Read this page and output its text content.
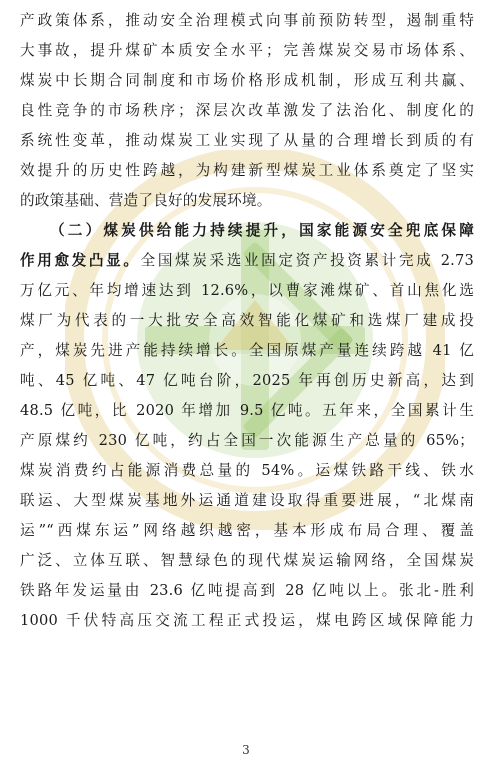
产政策体系，推动安全治理模式向事前预防转型，遏制重特
大事故，提升煤矿本质安全水平；完善煤炭交易市场体系、
煤炭中长期合同制度和市场价格形成机制，形成互利共赢、
良性竞争的市场秩序；深层次改革激发了法治化、制度化的
系统性变革，推动煤炭工业实现了从量的合理增长到质的有
效提升的历史性跨越，为构建新型煤炭工业体系奠定了坚实
的政策基础、营造了良好的发展环境。
（二）煤炭供给能力持续提升，国家能源安全兜底保障
作用愈发凸显。全国煤炭采选业固定资产投资累计完成 2.73
万亿元、年均增速达到 12.6%，以曹家滩煤矿、首山焦化选
煤厂为代表的一大批安全高效智能化煤矿和选煤厂建成投
产，煤炭先进产能持续增长。全国原煤产量连续跨越 41 亿
吨、45 亿吨、47 亿吨台阶，2025 年再创历史新高，达到
48.5 亿吨，比 2020 年增加 9.5 亿吨。五年来，全国累计生
产原煤约 230 亿吨，约占全国一次能源生产总量的 65%；
煤炭消费约占能源消费总量的 54%。运煤铁路干线、铁水
联运、大型煤炭基地外运通道建设取得重要进展，“北煤南
运”“西煤东运”网络越织越密，基本形成布局合理、覆盖
广泛、立体互联、智慧绿色的现代煤炭运输网络，全国煤炭
铁路年发运量由 23.6 亿吨提高到 28 亿吨以上。张北-胜利
1000 千伏特高压交流工程正式投运，煤电跨区域保障能力
3
